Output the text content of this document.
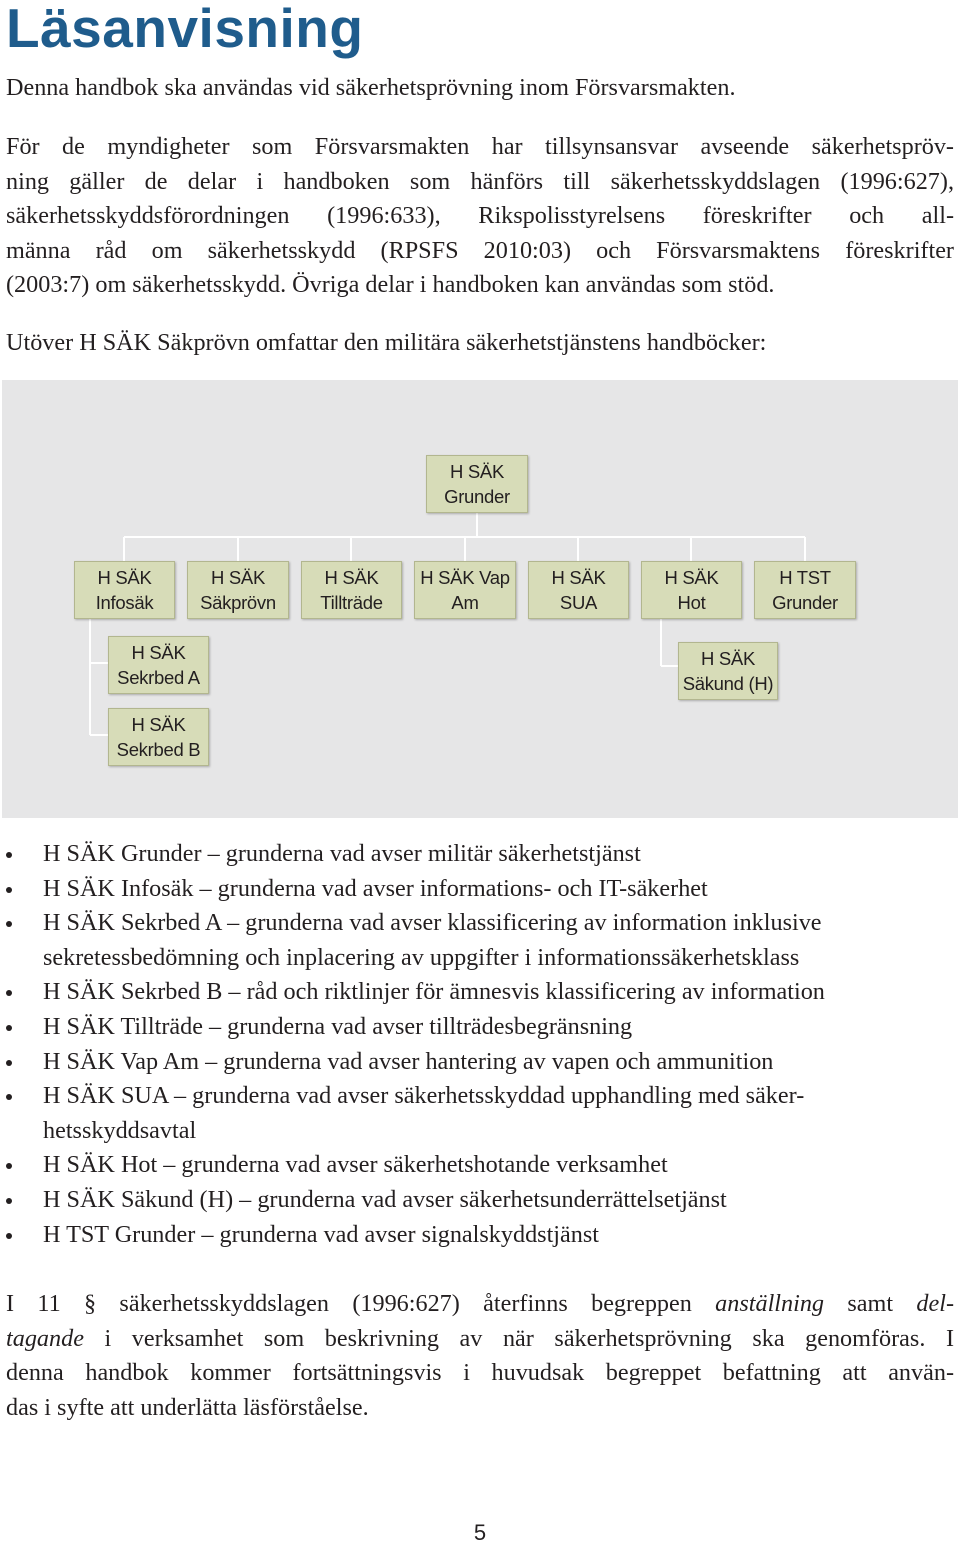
Läsanvisning

Denna handbok ska användas vid säkerhetsprövning inom Försvarsmakten.

För de myndigheter som Försvarsmakten har tillsynsansvar avseende säkerhetspröv-
ning gäller de delar i handboken som hänförs till säkerhetsskyddslagen (1996:627),
säkerhetsskyddsförordningen (1996:633), Rikspolisstyrelsens föreskrifter och all-
männa råd om säkerhetsskydd (RPSFS 2010:03) och Försvarsmaktens föreskrifter
(2003:7) om säkerhetsskydd. Övriga delar i handboken kan användas som stöd.

Utöver H SÄK Säkprövn omfattar den militära säkerhetstjänstens handböcker:

H SÄK
Grunder
H SÄK
Infosäk
H SÄK
Säkprövn
H SÄK
Tillträde
H SÄK Vap
Am
H SÄK
SUA
H SÄK
Hot
H TST
Grunder
H SÄK
Sekrbed A
H SÄK
Sekrbed B
H SÄK
Säkund (H)
H SÄK Grunder – grunderna vad avser militär säkerhetstjänst
H SÄK Infosäk – grunderna vad avser informations- och IT-säkerhet
H SÄK Sekrbed A – grunderna vad avser klassificering av information inklusive
sekretessbedömning och inplacering av uppgifter i informationssäkerhetsklass
H SÄK Sekrbed B – råd och riktlinjer för ämnesvis klassificering av information
H SÄK Tillträde – grunderna vad avser tillträdesbegränsning
H SÄK Vap Am – grunderna vad avser hantering av vapen och ammunition
H SÄK SUA – grunderna vad avser säkerhetsskyddad upphandling med säker-
hetsskyddsavtal
H SÄK Hot – grunderna vad avser säkerhetshotande verksamhet
H SÄK Säkund (H) – grunderna vad avser säkerhetsunderrättelsetjänst
H TST Grunder – grunderna vad avser signalskyddstjänst
I 11 § säkerhetsskyddslagen (1996:627) återfinns begreppen anställning samt del-
tagande i verksamhet som beskrivning av när säkerhetsprövning ska genomföras. I
denna handbok kommer fortsättningsvis i huvudsak begreppet befattning att använ-
das i syfte att underlätta läsförståelse.
5
